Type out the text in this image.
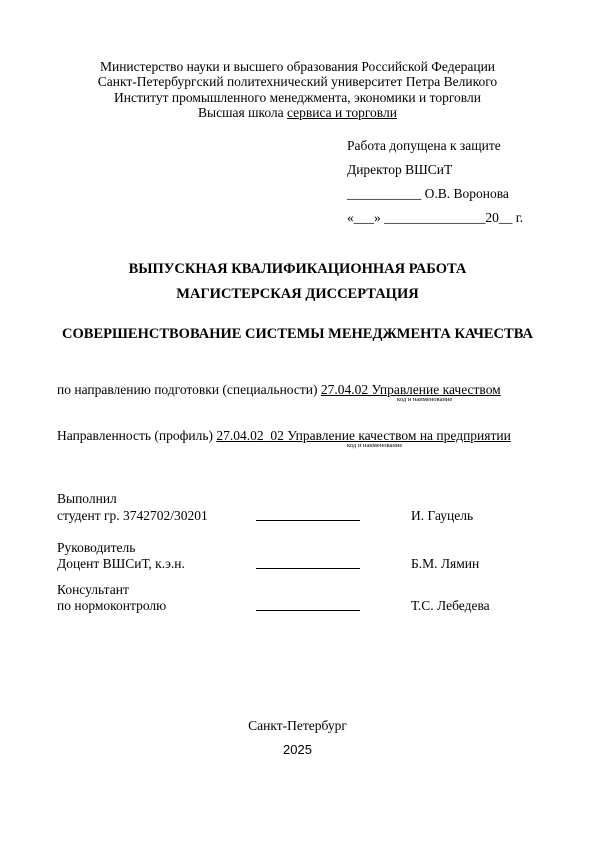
Министерство науки и высшего образования Российской Федерации
Санкт-Петербургский политехнический университет Петра Великого
Институт промышленного менеджмента, экономики и торговли
Высшая школа сервиса и торговли
Работа допущена к защите
Директор ВШСиТ
___________ О.В. Воронова
«___» _______________20__ г.
ВЫПУСКНАЯ КВАЛИФИКАЦИОННАЯ РАБОТА
МАГИСТЕРСКАЯ ДИССЕРТАЦИЯ
СОВЕРШЕНСТВОВАНИЕ СИСТЕМЫ МЕНЕДЖМЕНТА КАЧЕСТВА
по направлению подготовки (специальности) 27.04.02 Управление качеством
код и наименование
Направленность (профиль) 27.04.02_02 Управление качеством на предприятии
код и наименование
Выполнил
студент гр. 3742702/30201	И. Гауцель
Руководитель
Доцент ВШСиТ, к.э.н.	Б.М. Лямин
Консультант
по нормоконтролю	Т.С. Лебедева
Санкт-Петербург
2025
